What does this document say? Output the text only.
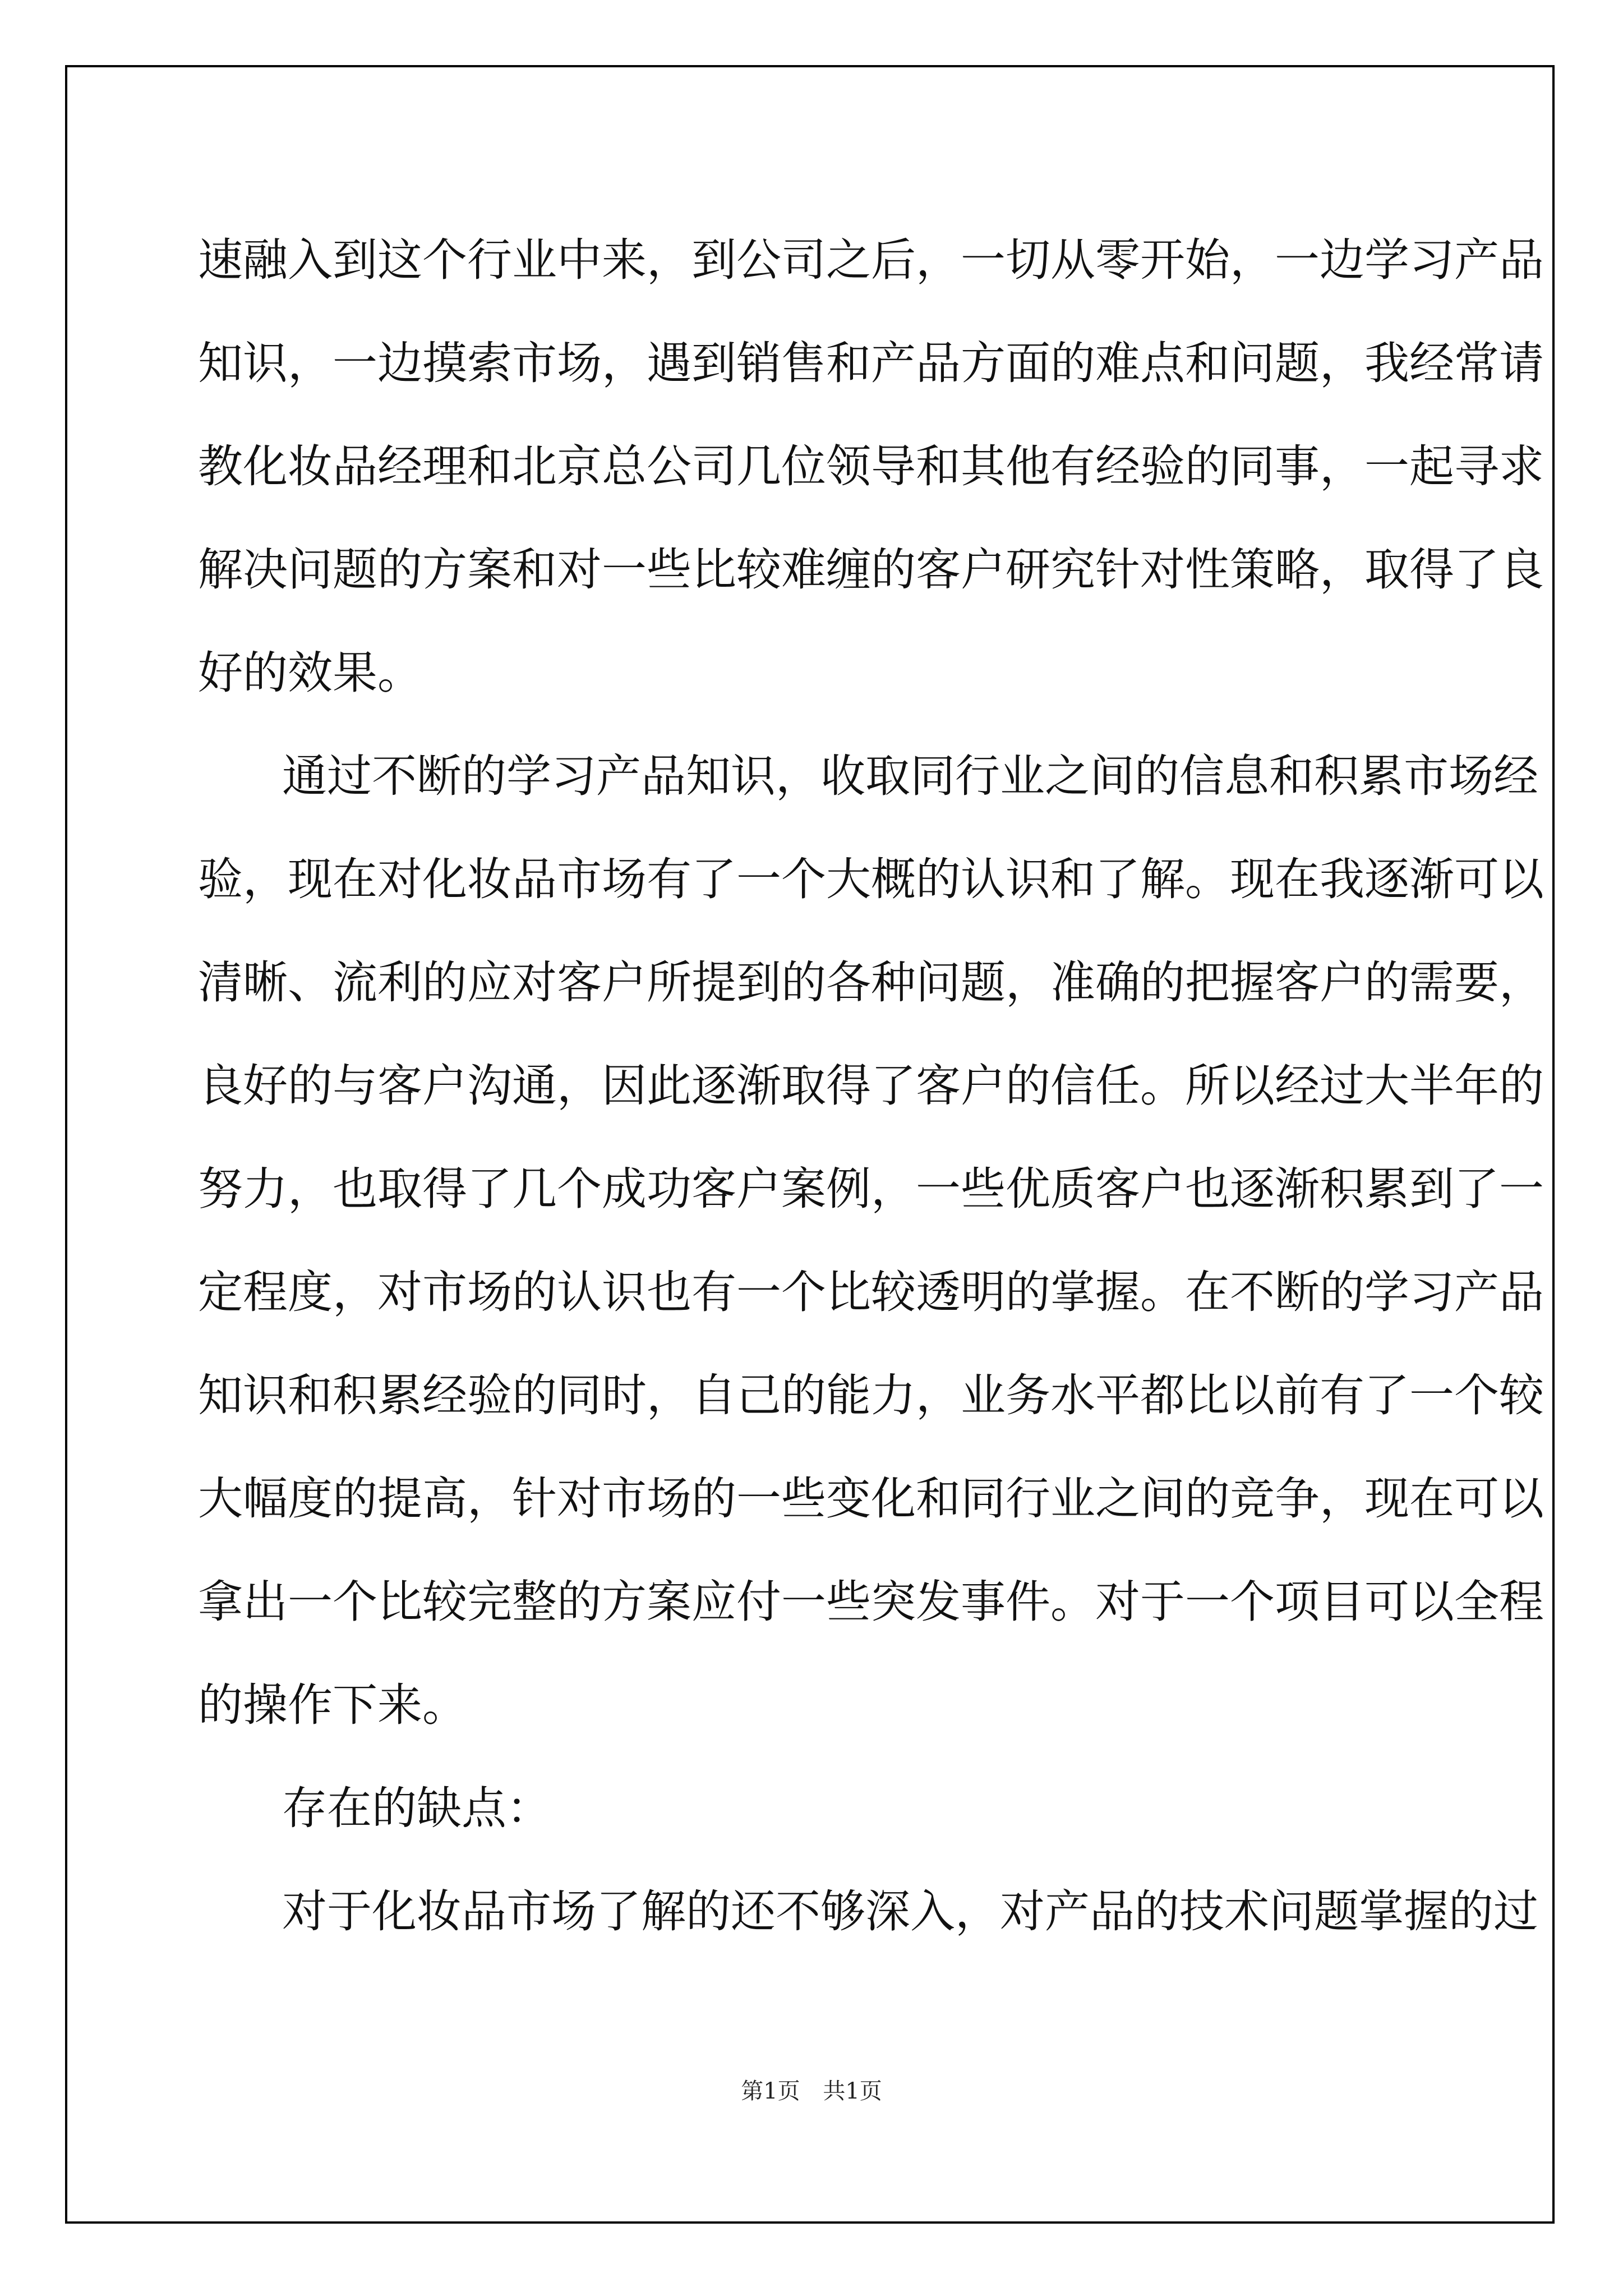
速融入到这个行业中来，到公司之后，一切从零开始，一边学习产品
知识，一边摸索市场，遇到销售和产品方面的难点和问题，我经常请
教化妆品经理和北京总公司几位领导和其他有经验的同事，一起寻求
解决问题的方案和对一些比较难缠的客户研究针对性策略，取得了良
好的效果。
通过不断的学习产品知识，收取同行业之间的信息和积累市场经
验，现在对化妆品市场有了一个大概的认识和了解。现在我逐渐可以
清晰、流利的应对客户所提到的各种问题，准确的把握客户的需要，
良好的与客户沟通，因此逐渐取得了客户的信任。所以经过大半年的
努力，也取得了几个成功客户案例，一些优质客户也逐渐积累到了一
定程度，对市场的认识也有一个比较透明的掌握。在不断的学习产品
知识和积累经验的同时，自己的能力，业务水平都比以前有了一个较
大幅度的提高，针对市场的一些变化和同行业之间的竞争，现在可以
拿出一个比较完整的方案应付一些突发事件。对于一个项目可以全程
的操作下来。
存在的缺点：
对于化妆品市场了解的还不够深入，对产品的技术问题掌握的过
第1页 共1页
